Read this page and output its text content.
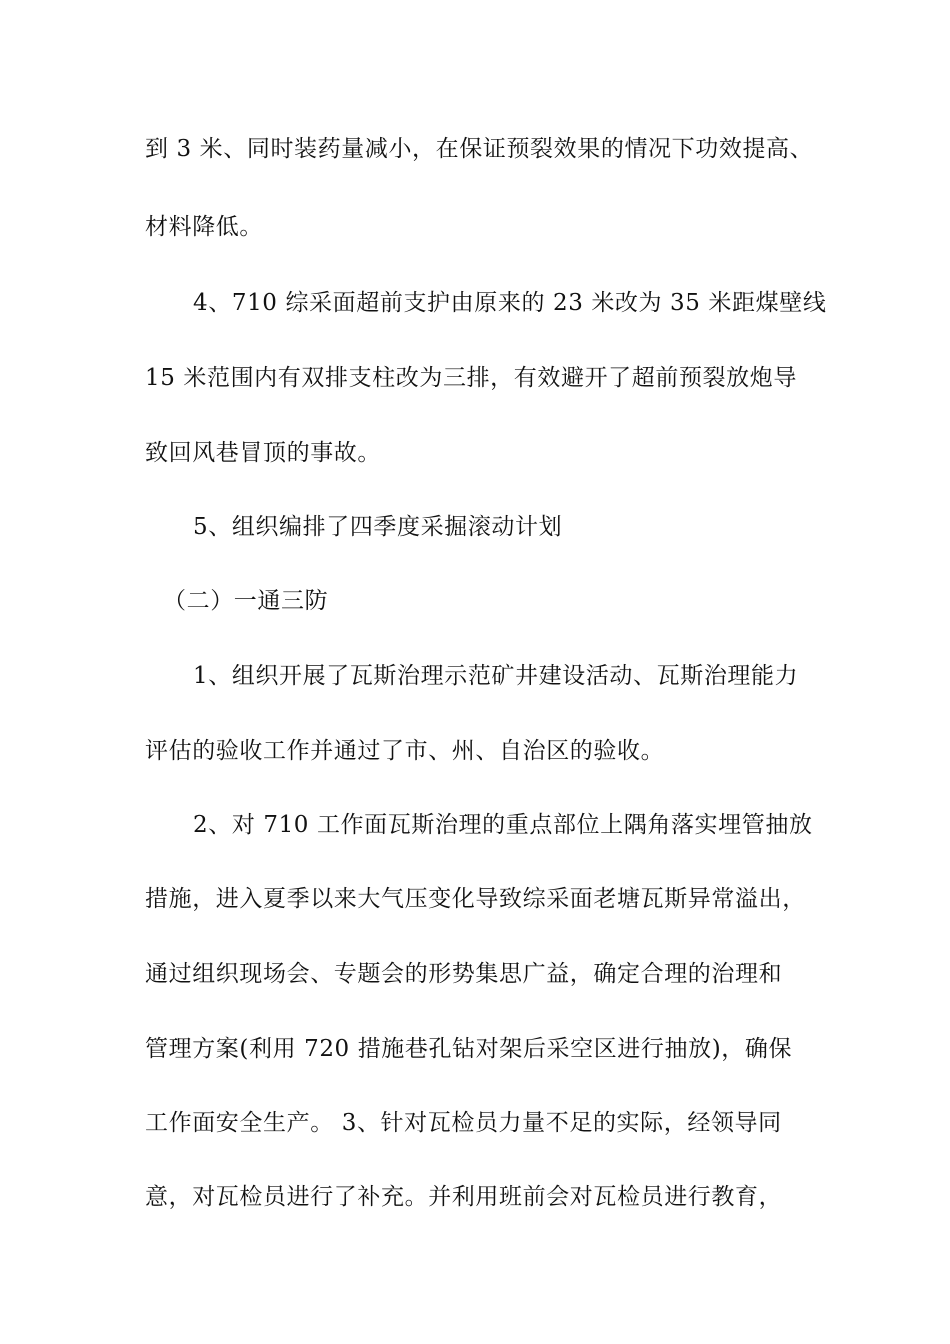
到 3 米、同时装药量减小，在保证预裂效果的情况下功效提高、
材料降低。
4、710 综采面超前支护由原来的 23 米改为 35 米距煤壁线
15 米范围内有双排支柱改为三排，有效避开了超前预裂放炮导
致回风巷冒顶的事故。
5、组织编排了四季度采掘滚动计划
（二）一通三防
1、组织开展了瓦斯治理示范矿井建设活动、瓦斯治理能力
评估的验收工作并通过了市、州、自治区的验收。
2、对 710 工作面瓦斯治理的重点部位上隅角落实埋管抽放
措施，进入夏季以来大气压变化导致综采面老塘瓦斯异常溢出，
通过组织现场会、专题会的形势集思广益，确定合理的治理和
管理方案(利用 720 措施巷孔钻对架后采空区进行抽放)，确保
工作面安全生产。 3、针对瓦检员力量不足的实际，经领导同
意，对瓦检员进行了补充。并利用班前会对瓦检员进行教育，
